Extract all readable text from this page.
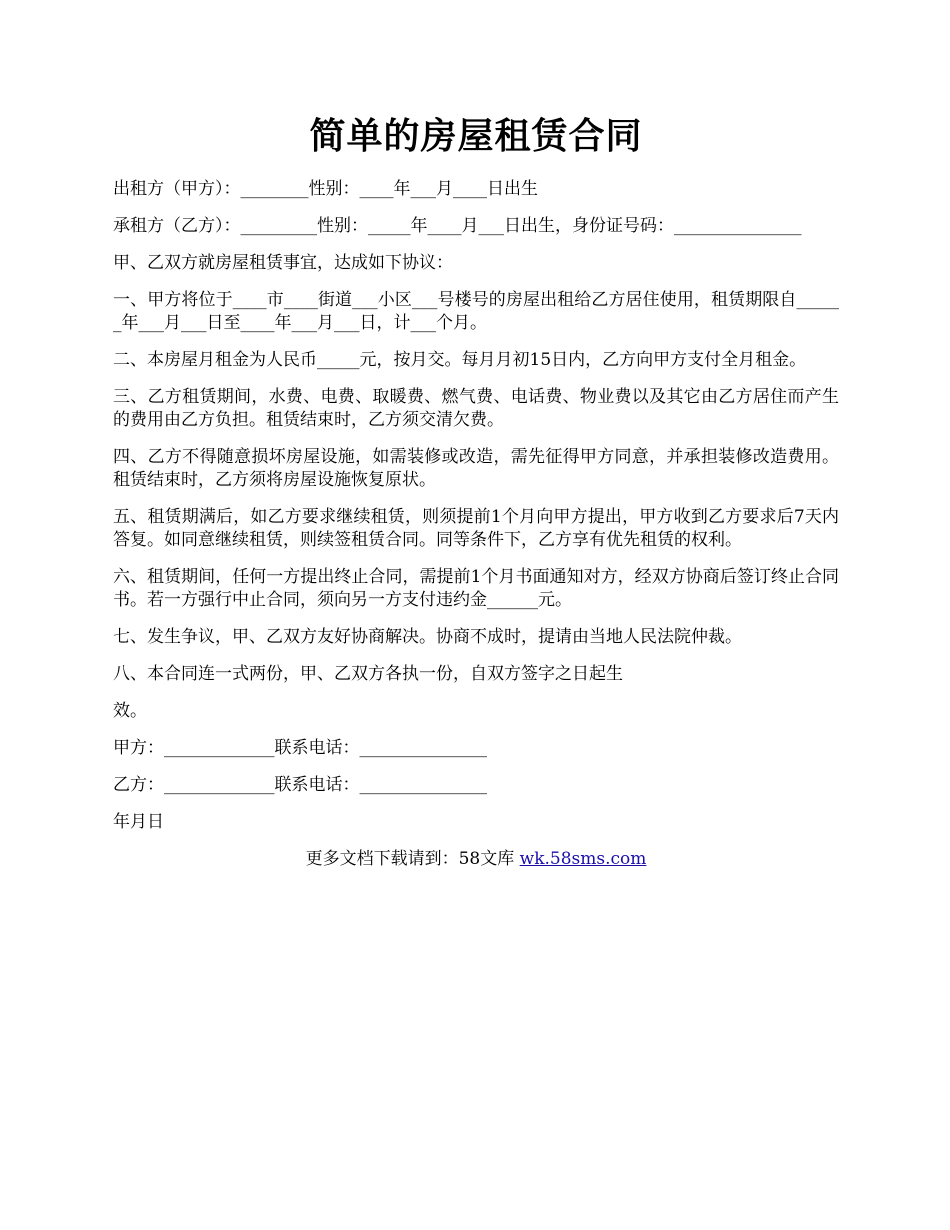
简单的房屋租赁合同

出租方（甲方）：________性别：____年___月____日出生

承租方（乙方）：_________性别：_____年____月___日出生，身份证号码：_______________

甲、乙双方就房屋租赁事宜，达成如下协议：

一、甲方将位于____市____街道___小区___号楼号的房屋出租给乙方居住使用，租赁期限自______年___月___日至____年___月___日，计___个月。

二、本房屋月租金为人民币_____元，按月交。每月月初15日内，乙方向甲方支付全月租金。

三、乙方租赁期间，水费、电费、取暖费、燃气费、电话费、物业费以及其它由乙方居住而产生的费用由乙方负担。租赁结束时，乙方须交清欠费。

四、乙方不得随意损坏房屋设施，如需装修或改造，需先征得甲方同意，并承担装修改造费用。租赁结束时，乙方须将房屋设施恢复原状。

五、租赁期满后，如乙方要求继续租赁，则须提前1个月向甲方提出，甲方收到乙方要求后7天内答复。如同意继续租赁，则续签租赁合同。同等条件下，乙方享有优先租赁的权利。

六、租赁期间，任何一方提出终止合同，需提前1个月书面通知对方，经双方协商后签订终止合同书。若一方强行中止合同，须向另一方支付违约金______元。

七、发生争议，甲、乙双方友好协商解决。协商不成时，提请由当地人民法院仲裁。

八、本合同连一式两份，甲、乙双方各执一份，自双方签字之日起生

效。

甲方：_____________联系电话：_______________

乙方：_____________联系电话：_______________

年月日

更多文档下载请到：58文库 wk.58sms.com
